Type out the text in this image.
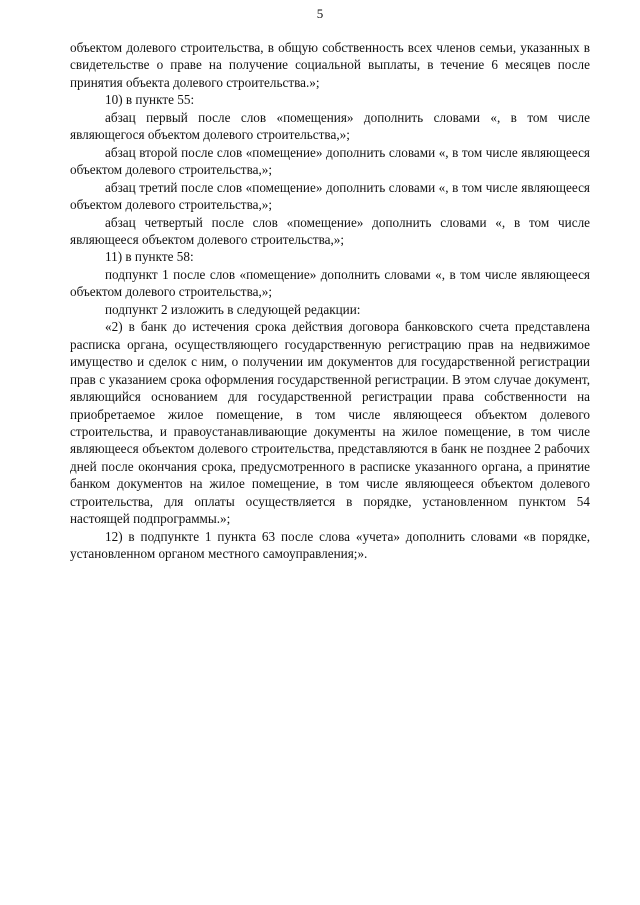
5

объектом долевого строительства, в общую собственность всех членов семьи, указанных в свидетельстве о праве на получение социальной выплаты, в течение 6 месяцев после принятия объекта долевого строительства.»;

10) в пункте 55:

абзац первый после слов «помещения» дополнить словами «, в том числе являющегося объектом долевого строительства,»;

абзац второй после слов «помещение» дополнить словами «, в том числе являющееся объектом долевого строительства,»;

абзац третий после слов «помещение» дополнить словами «, в том числе являющееся объектом долевого строительства,»;

абзац четвертый после слов «помещение» дополнить словами «, в том числе являющееся объектом долевого строительства,»;

11) в пункте 58:

подпункт 1 после слов «помещение» дополнить словами «, в том числе являющееся объектом долевого строительства,»;

подпункт 2 изложить в следующей редакции:

«2) в банк до истечения срока действия договора банковского счета представлена расписка органа, осуществляющего государственную регистрацию прав на недвижимое имущество и сделок с ним, о получении им документов для государственной регистрации прав с указанием срока оформления государственной регистрации. В этом случае документ, являющийся основанием для государственной регистрации права собственности на приобретаемое жилое помещение, в том числе являющееся объектом долевого строительства, и правоустанавливающие документы на жилое помещение, в том числе являющееся объектом долевого строительства, представляются в банк не позднее 2 рабочих дней после окончания срока, предусмотренного в расписке указанного органа, а принятие банком документов на жилое помещение, в том числе являющееся объектом долевого строительства, для оплаты осуществляется в порядке, установленном пунктом 54 настоящей подпрограммы.»;

12) в подпункте 1 пункта 63 после слова «учета» дополнить словами «в порядке, установленном органом местного самоуправления;».
